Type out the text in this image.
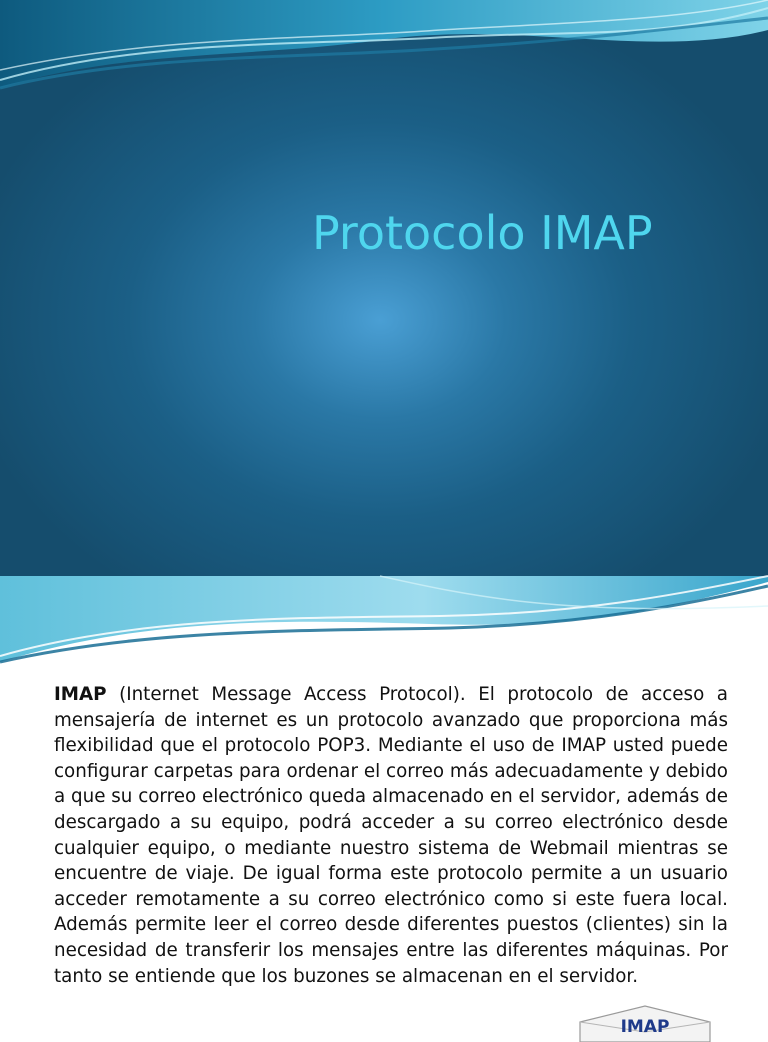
Protocolo IMAP

IMAP (Internet Message Access Protocol). El protocolo de acceso a mensajería de internet es un protocolo avanzado que proporciona más flexibilidad que el protocolo POP3. Mediante el uso de IMAP usted puede configurar carpetas para ordenar el correo más adecuadamente y debido a que su correo electrónico queda almacenado en el servidor, además de descargado a su equipo, podrá acceder a su correo electrónico desde cualquier equipo, o mediante nuestro sistema de Webmail mientras se encuentre de viaje. De igual forma este protocolo permite a un usuario acceder remotamente a su correo electrónico como si este fuera local. Además permite leer el correo desde diferentes puestos (clientes) sin la necesidad de transferir los mensajes entre las diferentes máquinas. Por tanto se entiende que los buzones se almacenan en el servidor.

IMAP
